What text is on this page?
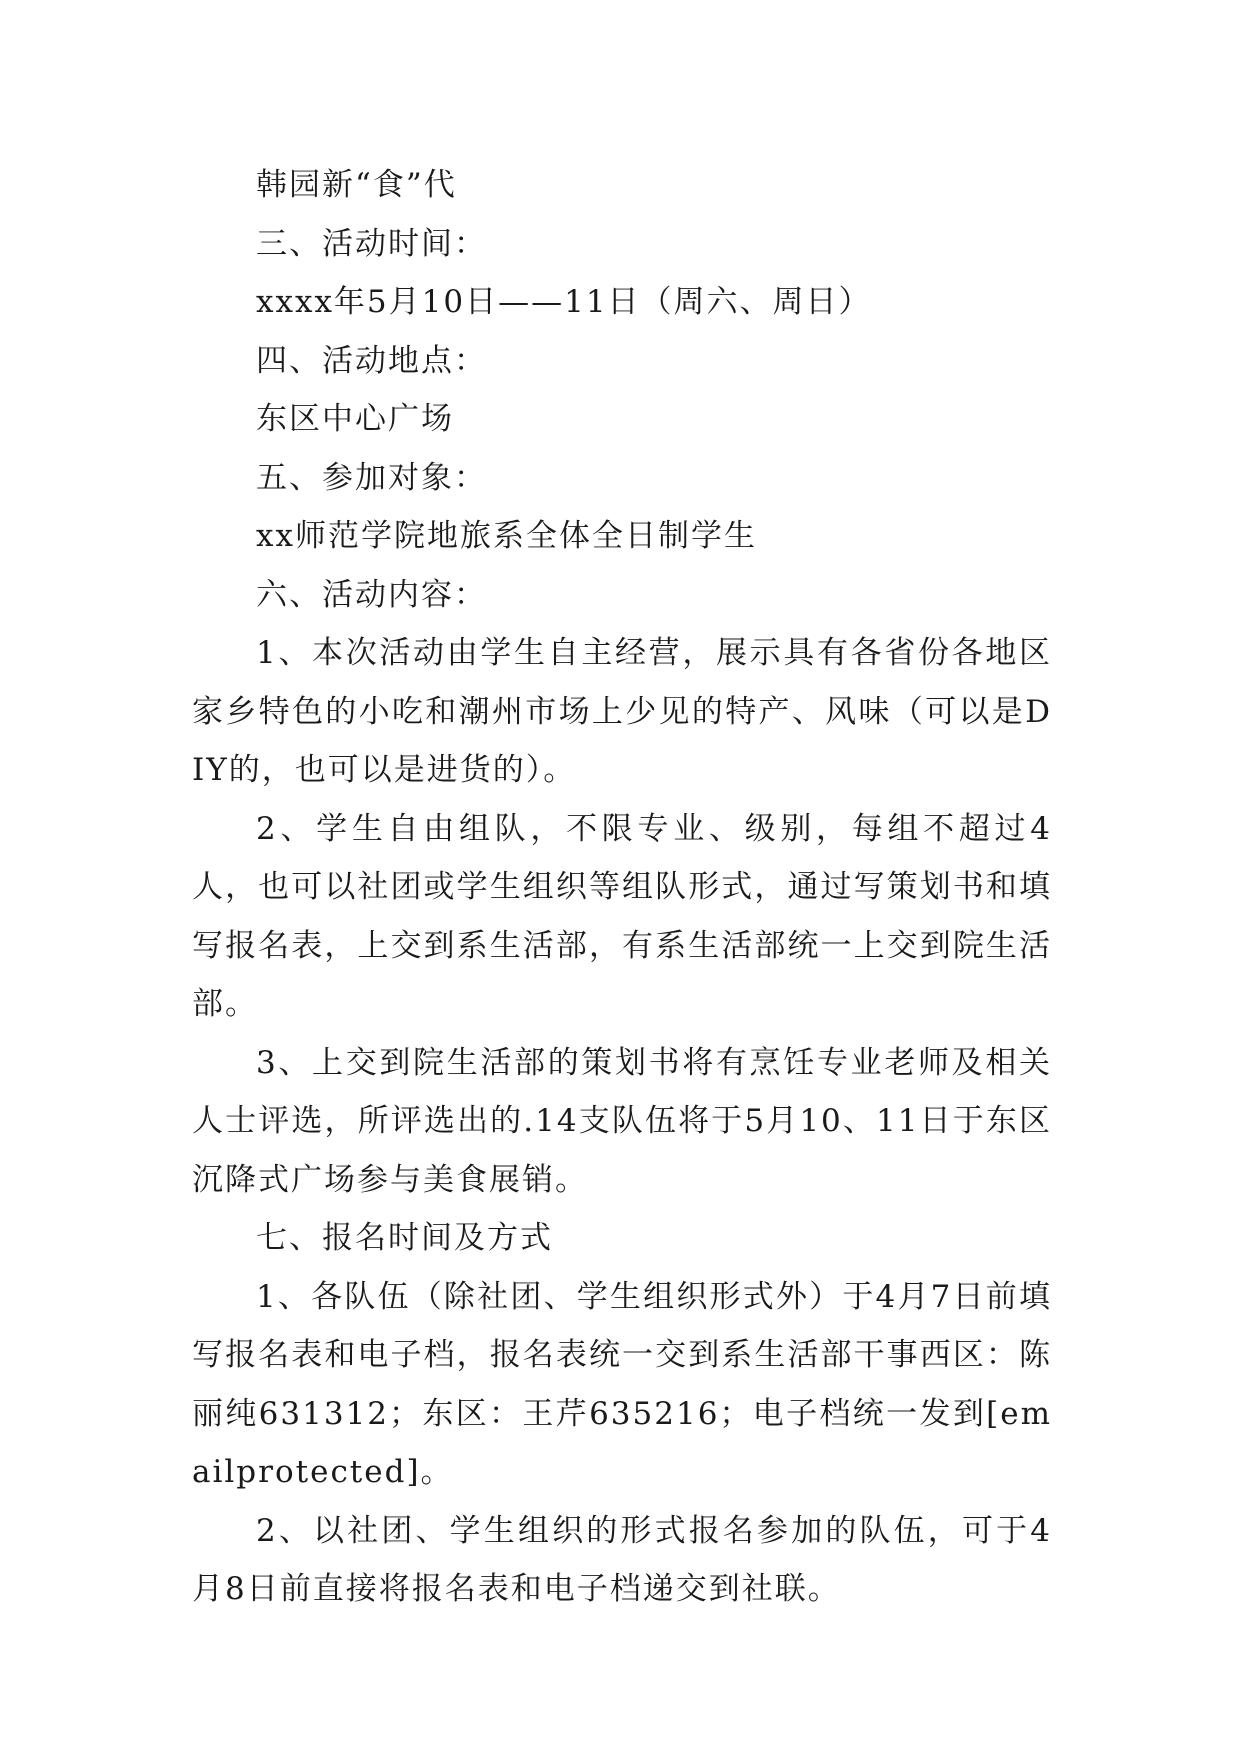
韩园新“食”代

三、活动时间：

xxxx年5月10日——11日（周六、周日）

四、活动地点：

东区中心广场

五、参加对象：

xx师范学院地旅系全体全日制学生

六、活动内容：

1、本次活动由学生自主经营，展示具有各省份各地区家乡特色的小吃和潮州市场上少见的特产、风味（可以是DIY的，也可以是进货的）。

2、学生自由组队，不限专业、级别，每组不超过4人，也可以社团或学生组织等组队形式，通过写策划书和填写报名表，上交到系生活部，有系生活部统一上交到院生活部。

3、上交到院生活部的策划书将有烹饪专业老师及相关人士评选，所评选出的.14支队伍将于5月10、11日于东区沉降式广场参与美食展销。

七、报名时间及方式

1、各队伍（除社团、学生组织形式外）于4月7日前填写报名表和电子档，报名表统一交到系生活部干事西区：陈丽纯631312；东区：王芹635216；电子档统一发到[emailprotected]。

2、以社团、学生组织的形式报名参加的队伍，可于4月8日前直接将报名表和电子档递交到社联。
